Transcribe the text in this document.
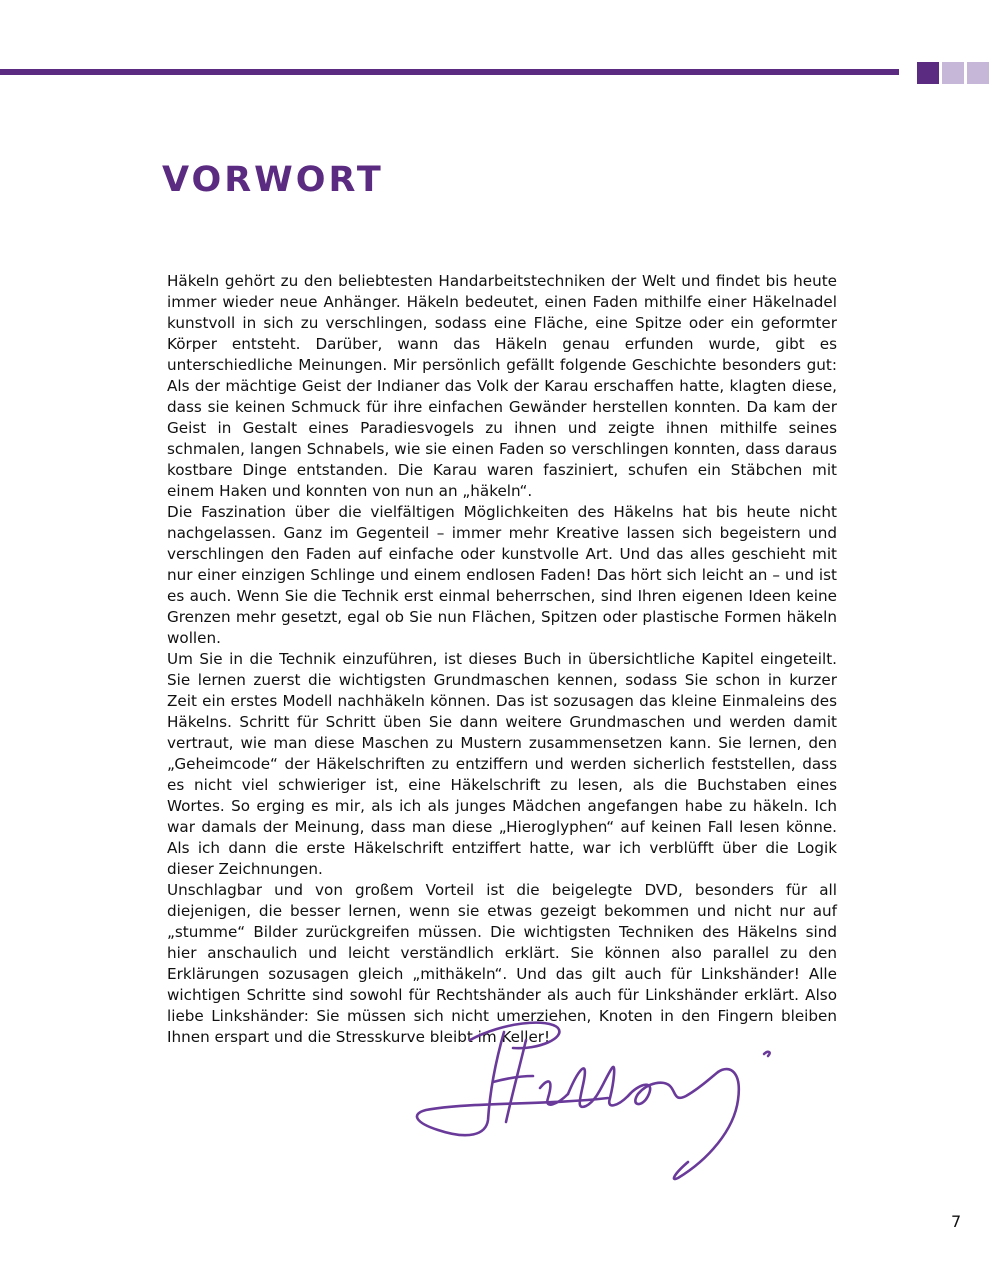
VORWORT

Häkeln gehört zu den beliebtesten Handarbeitstechniken der Welt und findet bis heute immer wieder neue Anhänger. Häkeln bedeutet, einen Faden mithilfe einer Häkelnadel kunstvoll in sich zu verschlingen, sodass eine Fläche, eine Spitze oder ein geformter Körper entsteht. Darüber, wann das Häkeln genau erfunden wurde, gibt es unterschiedliche Meinungen. Mir persönlich gefällt folgende Geschichte besonders gut: Als der mächtige Geist der Indianer das Volk der Karau erschaffen hatte, klagten diese, dass sie keinen Schmuck für ihre einfachen Gewänder herstellen konnten. Da kam der Geist in Gestalt eines Paradiesvogels zu ihnen und zeigte ihnen mithilfe seines schmalen, langen Schnabels, wie sie einen Faden so verschlingen konnten, dass daraus kostbare Dinge entstanden. Die Karau waren fasziniert, schufen ein Stäbchen mit einem Haken und konnten von nun an „häkeln“.

Die Faszination über die vielfältigen Möglichkeiten des Häkelns hat bis heute nicht nachgelassen. Ganz im Gegenteil – immer mehr Kreative lassen sich begeistern und verschlingen den Faden auf einfache oder kunstvolle Art. Und das alles geschieht mit nur einer einzigen Schlinge und einem endlosen Faden! Das hört sich leicht an – und ist es auch. Wenn Sie die Technik erst einmal beherrschen, sind Ihren eigenen Ideen keine Grenzen mehr gesetzt, egal ob Sie nun Flächen, Spitzen oder plastische Formen häkeln wollen.

Um Sie in die Technik einzuführen, ist dieses Buch in übersichtliche Kapitel eingeteilt. Sie lernen zuerst die wichtigsten Grundmaschen kennen, sodass Sie schon in kurzer Zeit ein erstes Modell nachhäkeln können. Das ist sozusagen das kleine Einmaleins des Häkelns. Schritt für Schritt üben Sie dann weitere Grundmaschen und werden damit vertraut, wie man diese Maschen zu Mustern zusammensetzen kann. Sie lernen, den „Geheimcode“ der Häkelschriften zu entziffern und werden sicherlich feststellen, dass es nicht viel schwieriger ist, eine Häkelschrift zu lesen, als die Buchstaben eines Wortes. So erging es mir, als ich als junges Mädchen angefangen habe zu häkeln. Ich war damals der Meinung, dass man diese „Hieroglyphen“ auf keinen Fall lesen könne. Als ich dann die erste Häkelschrift entziffert hatte, war ich verblüfft über die Logik dieser Zeichnungen.

Unschlagbar und von großem Vorteil ist die beigelegte DVD, besonders für all diejenigen, die besser lernen, wenn sie etwas gezeigt bekommen und nicht nur auf „stumme“ Bilder zurückgreifen müssen. Die wichtigsten Techniken des Häkelns sind hier anschaulich und leicht verständlich erklärt. Sie können also parallel zu den Erklärungen sozusagen gleich „mithäkeln“. Und das gilt auch für Linkshänder! Alle wichtigen Schritte sind sowohl für Rechtshänder als auch für Linkshänder erklärt. Also liebe Linkshänder: Sie müssen sich nicht umerziehen, Knoten in den Fingern bleiben Ihnen erspart und die Stresskurve bleibt im Keller!

7
